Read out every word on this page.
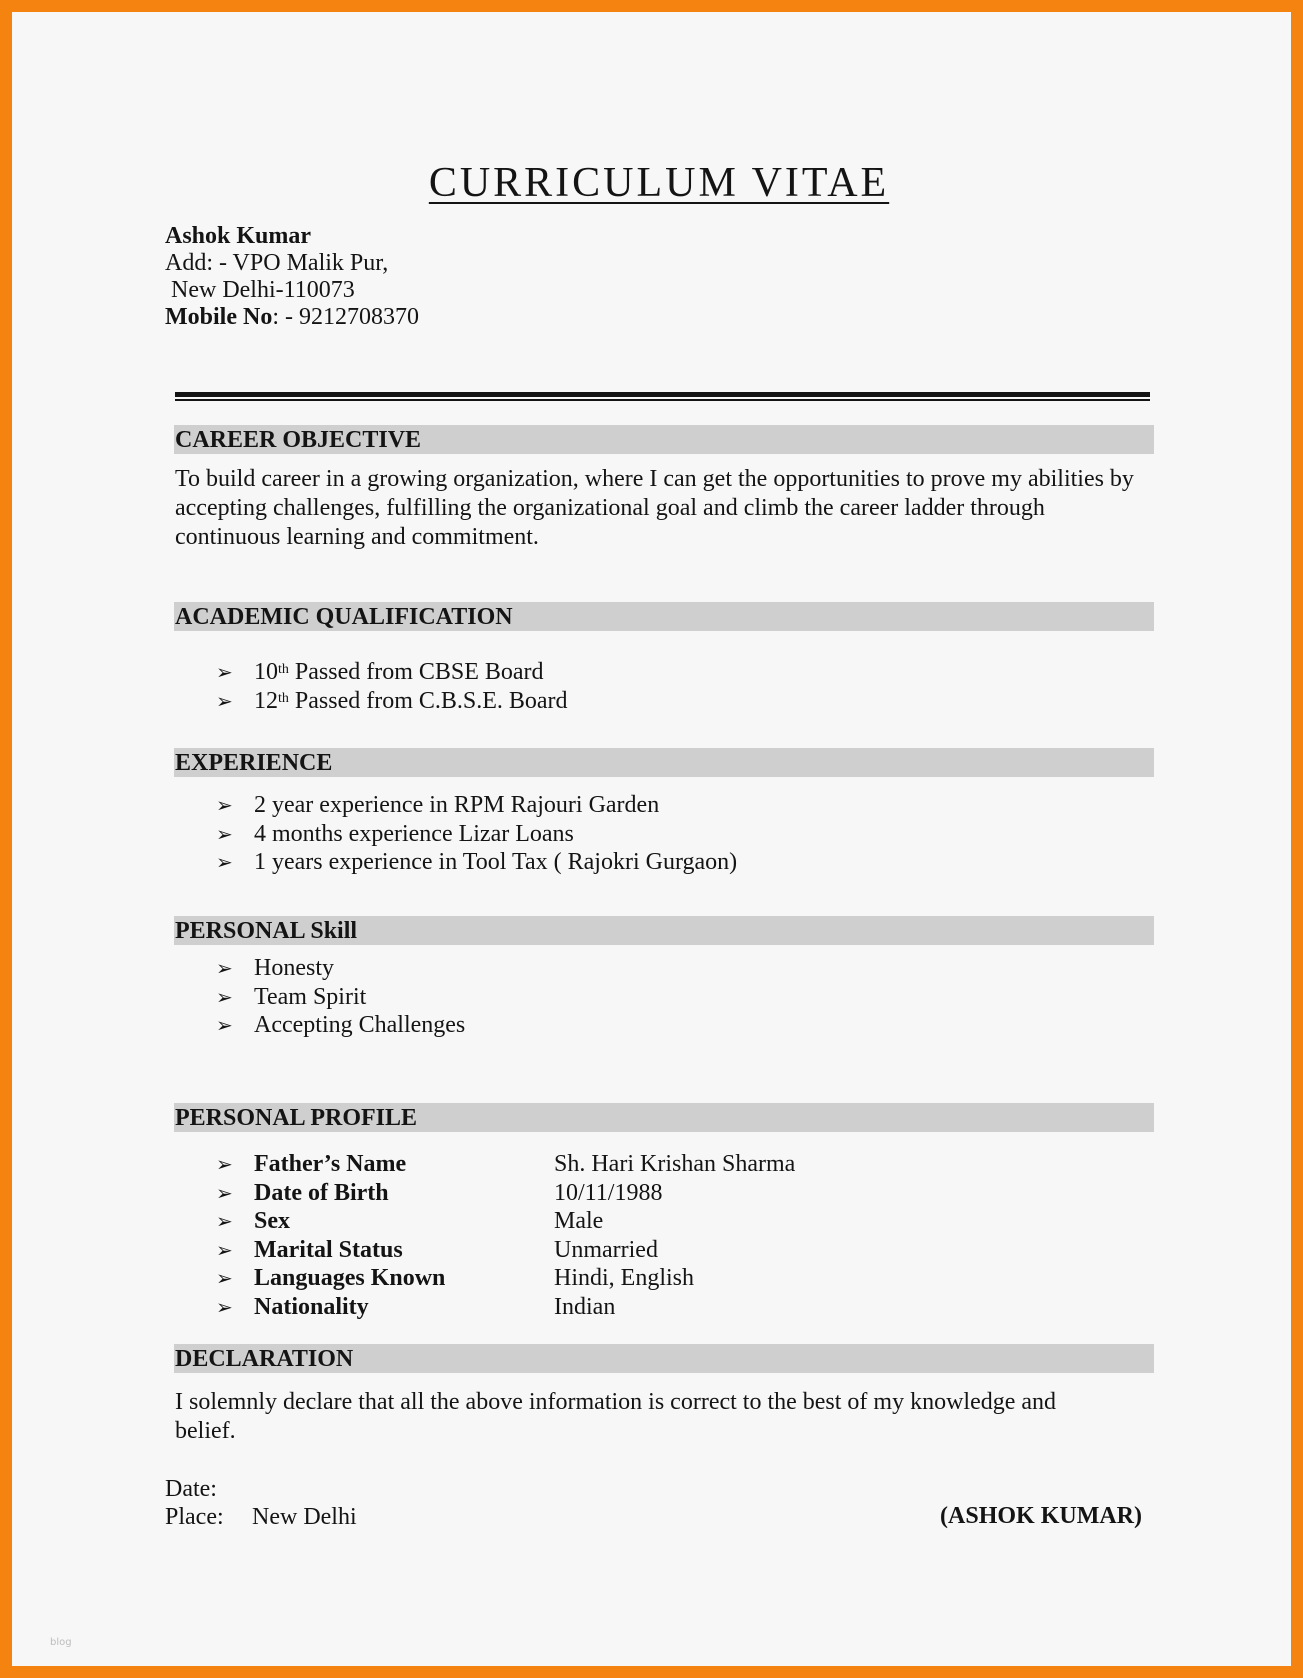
CURRICULUM VITAE
Ashok Kumar
Add: - VPO Malik Pur,
New Delhi-110073
Mobile No: - 9212708370
CAREER OBJECTIVE
To build career in a growing organization, where I can get the opportunities to prove my abilities by accepting challenges, fulfilling the organizational goal and climb the career ladder through continuous learning and commitment.
ACADEMIC QUALIFICATION
➢ 10th Passed from CBSE Board
➢ 12th Passed from C.B.S.E. Board
EXPERIENCE
➢ 2 year experience in RPM Rajouri Garden
➢ 4 months experience Lizar Loans
➢ 1 years experience in Tool Tax ( Rajokri Gurgaon)
PERSONAL Skill
➢ Honesty
➢ Team Spirit
➢ Accepting Challenges
PERSONAL PROFILE
➢ Father’s Name	Sh. Hari Krishan Sharma
➢ Date of Birth	10/11/1988
➢ Sex	Male
➢ Marital Status	Unmarried
➢ Languages Known	Hindi, English
➢ Nationality	Indian
DECLARATION
I solemnly declare that all the above information is correct to the best of my knowledge and belief.
Date:
Place: New Delhi	(ASHOK KUMAR)
blog
